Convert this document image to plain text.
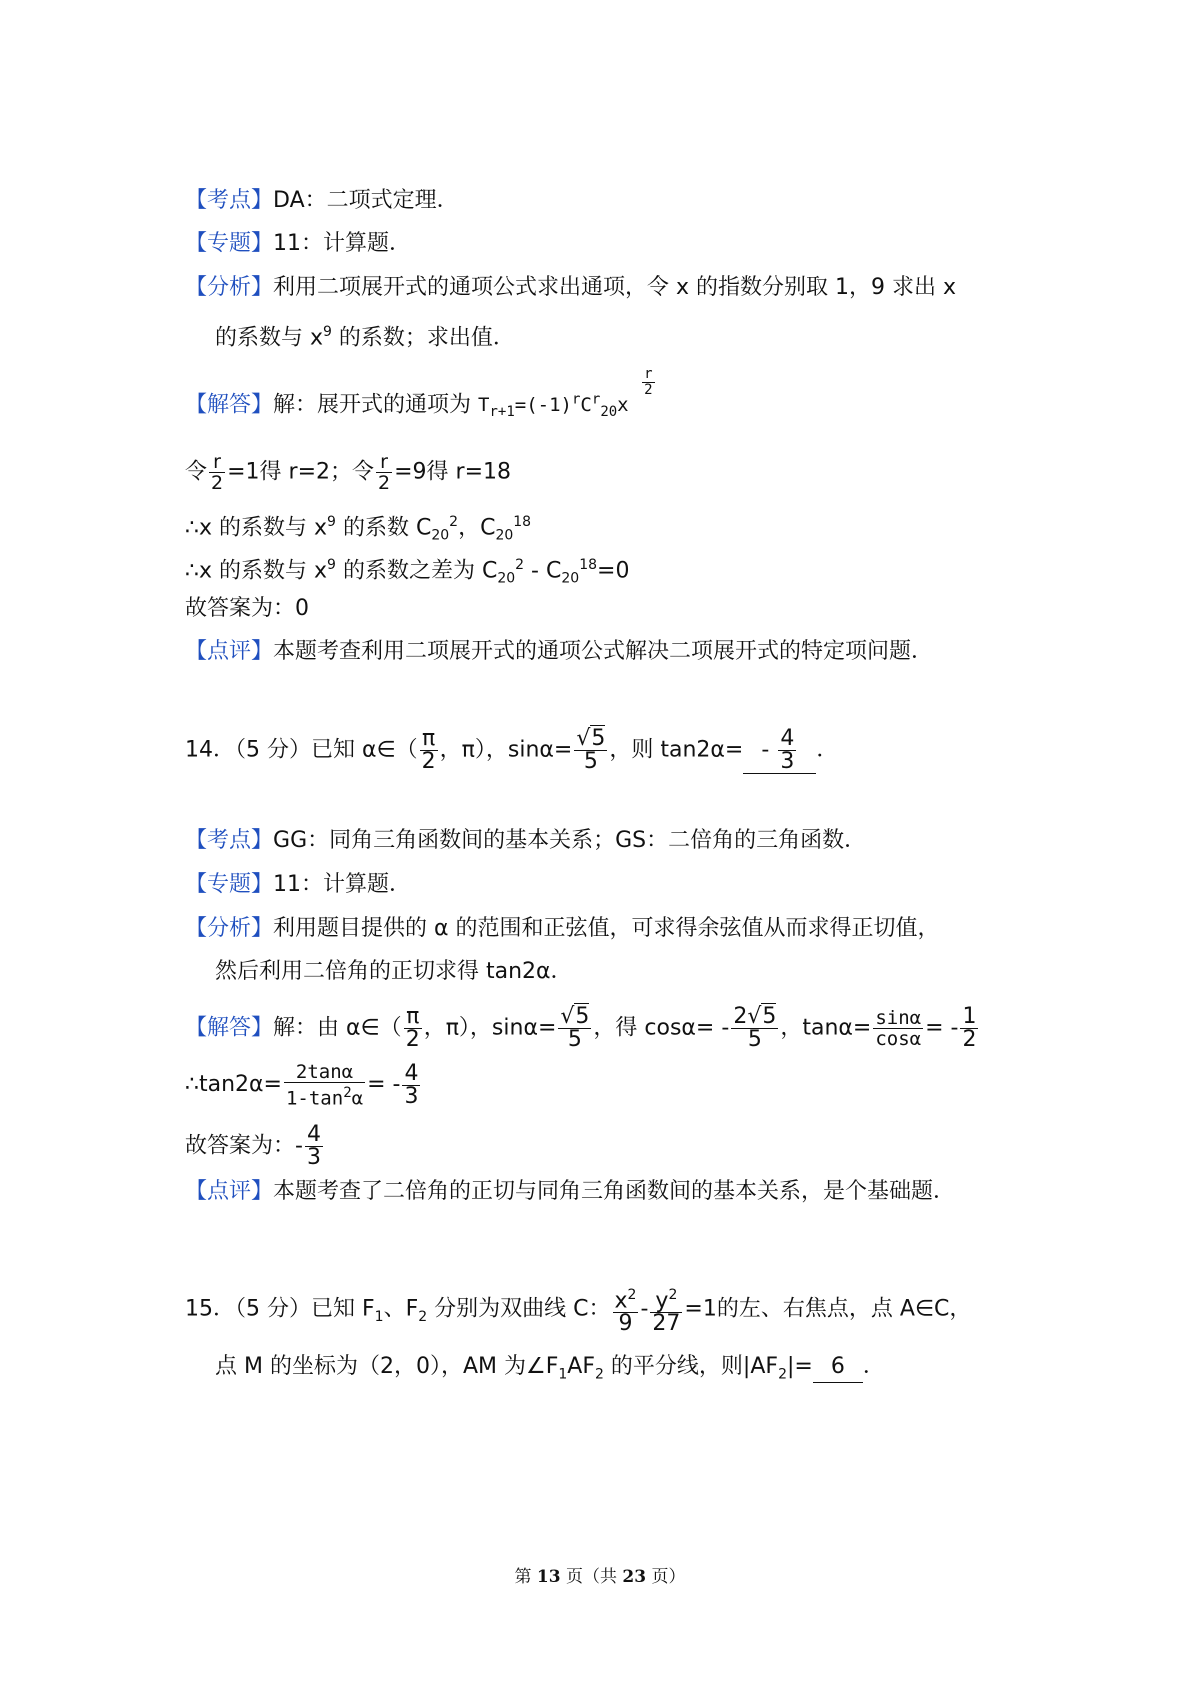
【考点】DA：二项式定理．
【专题】11：计算题．
【分析】利用二项展开式的通项公式求出通项，令 x 的指数分别取 1，9 求出 x
的系数与 $x^9$ 的系数；求出值．
【解答】解：展开式的通项为 $T_{r+1}=(-1)^rC^r_{20}x$
$\frac{r}{2}$
令 $\frac{r}{2} =1$得 r=2；令 $\frac{r}{2} =9$得 r=18
∴x 的系数与 $x^9$ 的系数 $C_{20}^2$，$C_{20}^{18}$
∴x 的系数与 $x^9$ 的系数之差为 $C_{20}^2 - C_{20}^{18}=0$
故答案为：0
【点评】本题考查利用二项展开式的通项公式解决二项展开式的特定项问题．
14．（5 分）已知 α∈（ $\frac{\pi}{2}$ ，π），$\sin\alpha= \frac{√5}{5}$ ，则 $\tan 2\alpha= - \frac{4}{3}$ ．
【考点】GG：同角三角函数间的基本关系；GS：二倍角的三角函数．
【专题】11：计算题．
【分析】利用题目提供的 α 的范围和正弦值，可求得余弦值从而求得正切值，
然后利用二倍角的正切求得 tan2α．
【解答】解：由 α∈（ $\frac{\pi}{2}$ ，π），$\sin\alpha= \frac{√5}{5}$ ，得 $\cos\alpha= - \frac{2√5}{5}$ ，$\tan\alpha= \frac{\sin\alpha}{\cos\alpha}$ = - $\frac{1}{2}$
∴tan2α= $\frac{2\tan\alpha}{1-\tan^2\alpha}$ = - $\frac{4}{3}$
故答案为：- $\frac{4}{3}$
【点评】本题考查了二倍角的正切与同角三角函数间的基本关系，是个基础题．
15．（5 分）已知 $F_1$、$F_2$ 分别为双曲线 C： $\frac{x^2}{9} - \frac{y^2}{27} =1$的左、右焦点，点 A∈C，
点 M 的坐标为（2，0），AM 为$\angle F_1AF_2$ 的平分线，则$|AF_2|= 6$ ．
第 13 页（共 23 页）
